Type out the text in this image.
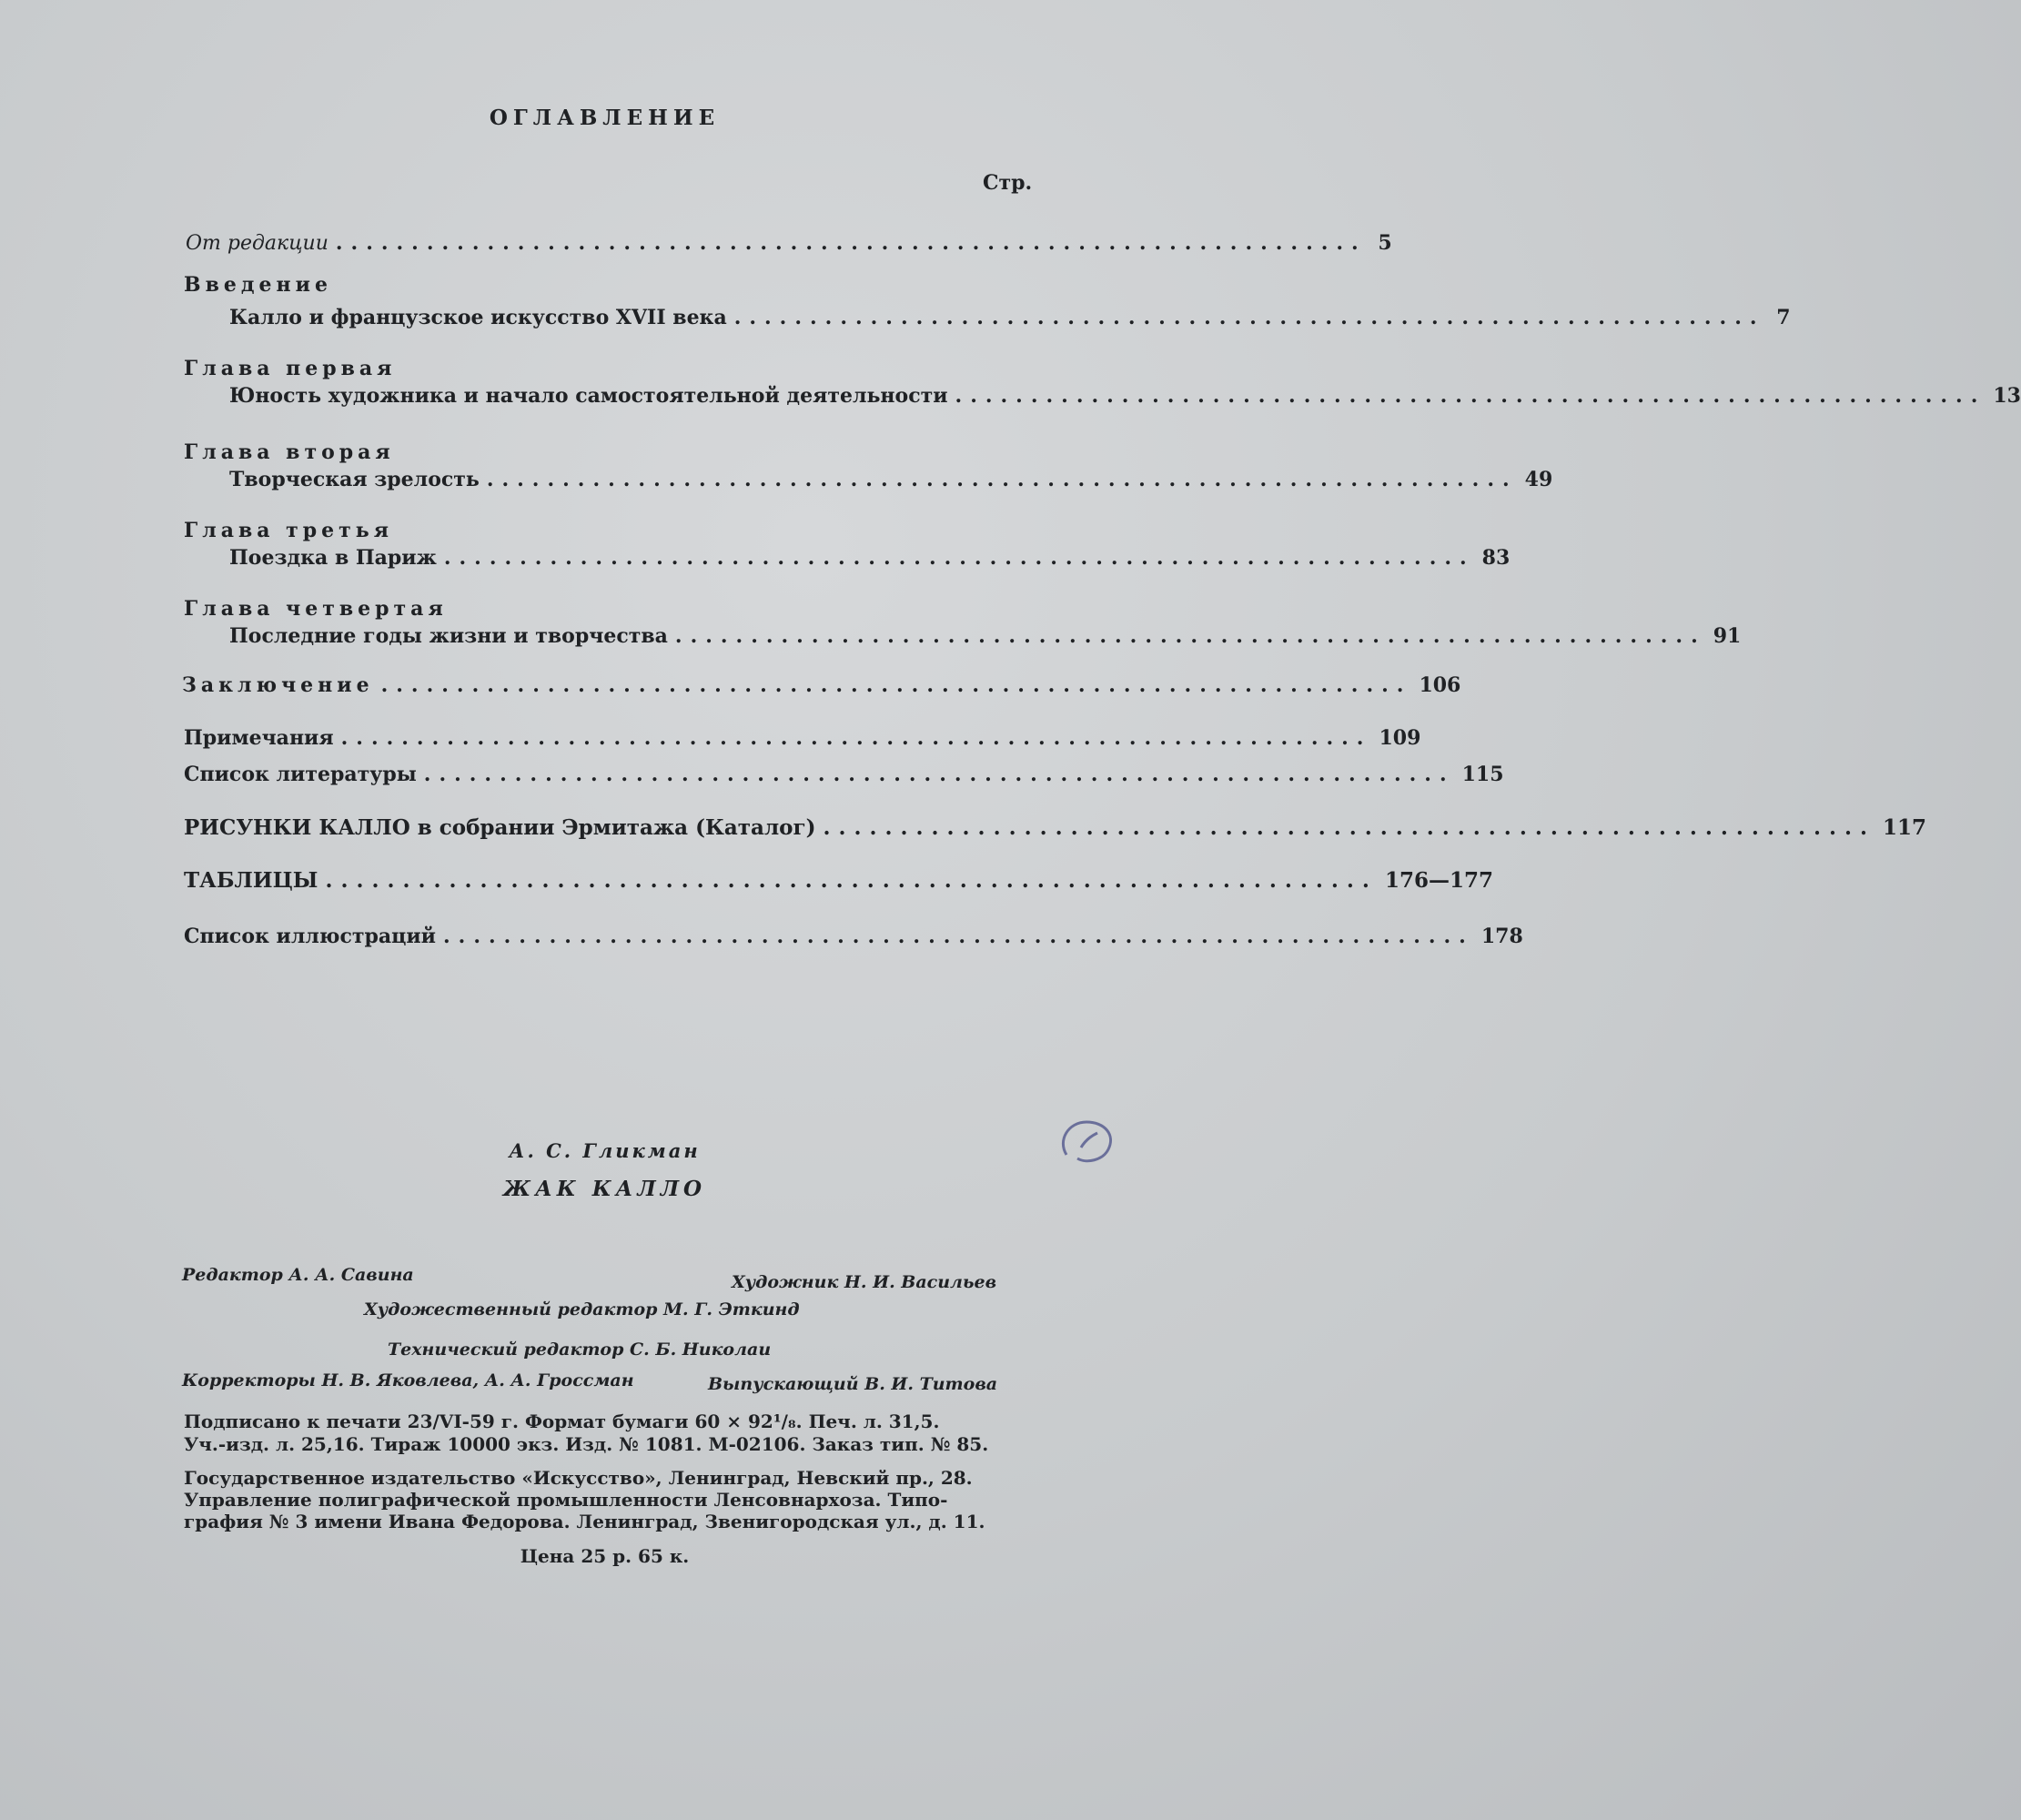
ОГЛАВЛЕНИЕ
Стр.
От редакции .................................................................... 5
Введение
Калло и французское искусство XVII века .................................................................... 7
Глава первая
Юность художника и начало самостоятельной деятельности .................................................................... 13
Глава вторая
Творческая зрелость .................................................................... 49
Глава третья
Поездка в Париж .................................................................... 83
Глава четвертая
Последние годы жизни и творчества .................................................................... 91
Заключение .................................................................... 106
Примечания .................................................................... 109
Список литературы .................................................................... 115
РИСУНКИ КАЛЛО в собрании Эрмитажа (Каталог) .................................................................... 117
ТАБЛИЦЫ .................................................................... 176—177
Список иллюстраций .................................................................... 178
А. С. Гликман
ЖАК КАЛЛО
Редактор А. А. Савина	Художник Н. И. Васильев
Художественный редактор М. Г. Эткинд
Технический редактор С. Б. Николаи
Корректоры Н. В. Яковлева, А. А. Гроссман	Выпускающий В. И. Титова
Подписано к печати 23/VI-59 г. Формат бумаги 60 × 92¹/₈. Печ. л. 31,5.
Уч.-изд. л. 25,16. Тираж 10000 экз. Изд. № 1081. М-02106. Заказ тип. № 85.
Государственное издательство «Искусство», Ленинград, Невский пр., 28.
Управление полиграфической промышленности Ленсовнархоза. Типо-
графия № 3 имени Ивана Федорова. Ленинград, Звенигородская ул., д. 11.
Цена 25 р. 65 к.
